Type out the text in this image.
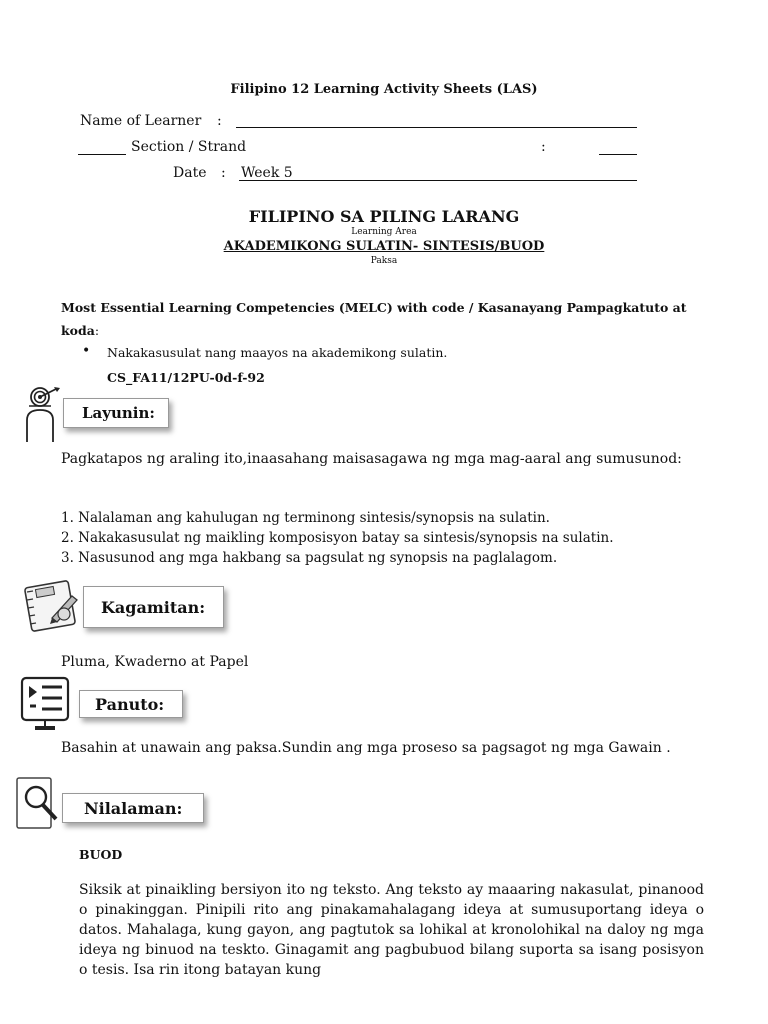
Filipino 12 Learning Activity Sheets (LAS)
Name of Learner :
Section / Strand	:
Date : Week 5
FILIPINO SA PILING LARANG
Learning Area
AKADEMIKONG SULATIN- SINTESIS/BUOD
Paksa
Most Essential Learning Competencies (MELC) with code / Kasanayang Pampagkatuto at koda:
• Nakakasusulat nang maayos na akademikong sulatin.
CS_FA11/12PU-0d-f-92
Layunin:
Pagkatapos ng araling ito,inaasahang maisasagawa ng mga mag-aaral ang sumusunod:
1. Nalalaman ang kahulugan ng terminong sintesis/synopsis na sulatin.
2. Nakakasusulat ng maikling komposisyon batay sa sintesis/synopsis na sulatin.
3. Nasusunod ang mga hakbang sa pagsulat ng synopsis na paglalagom.
Kagamitan:
Pluma, Kwaderno at Papel
Panuto:
Basahin at unawain ang paksa.Sundin ang mga proseso sa pagsagot ng mga Gawain .
Nilalaman:
BUOD
Siksik at pinaikling bersiyon ito ng teksto. Ang teksto ay maaaring nakasulat, pinanood o pinakinggan. Pinipili rito ang pinakamahalagang ideya at sumusuportang ideya o datos. Mahalaga, kung gayon, ang pagtutok sa lohikal at kronolohikal na daloy ng mga ideya ng binuod na teskto. Ginagamit ang pagbubuod bilang suporta sa isang posisyon o tesis. Isa rin itong batayan kung
